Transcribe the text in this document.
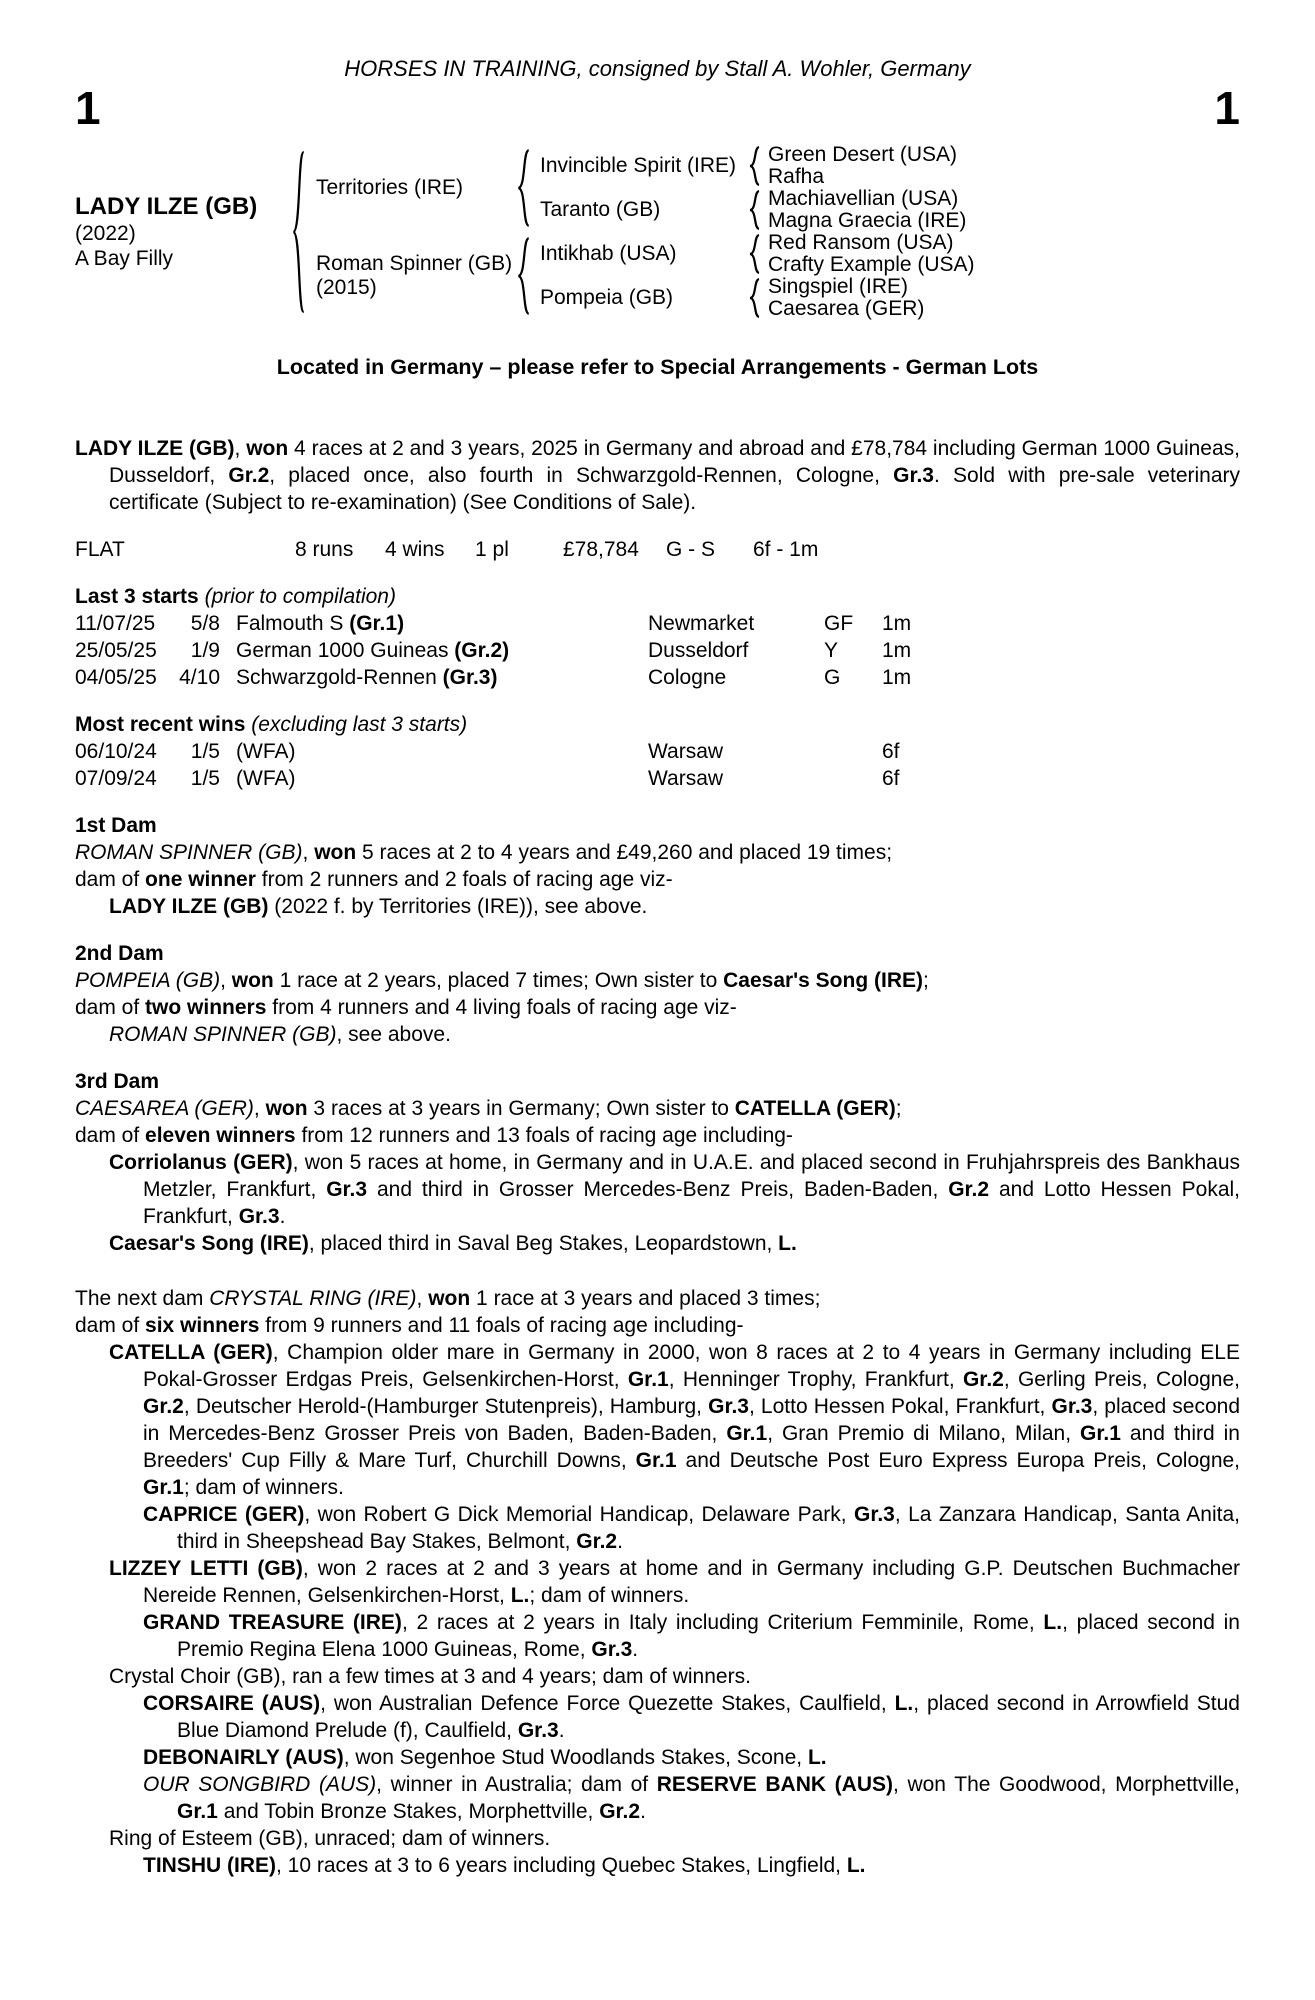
HORSES IN TRAINING, consigned by Stall A. Wohler, Germany
1	1
LADY ILZE (GB)
(2022)
A Bay Filly
Territories (IRE)
Roman Spinner (GB)
(2015)
Invincible Spirit (IRE)
Taranto (GB)
Intikhab (USA)
Pompeia (GB)
Green Desert (USA)
Rafha
Machiavellian (USA)
Magna Graecia (IRE)
Red Ransom (USA)
Crafty Example (USA)
Singspiel (IRE)
Caesarea (GER)
Located in Germany – please refer to Special Arrangements - German Lots

LADY ILZE (GB), won 4 races at 2 and 3 years, 2025 in Germany and abroad and £78,784 including German 1000 Guineas, Dusseldorf, Gr.2, placed once, also fourth in Schwarzgold-Rennen, Cologne, Gr.3. Sold with pre-sale veterinary certificate (Subject to re-examination) (See Conditions of Sale).

FLAT	8 runs	4 wins	1 pl	£78,784	G - S	6f - 1m
Last 3 starts (prior to compilation)
11/07/25	5/8 Falmouth S (Gr.1)	Newmarket	GF	1m
25/05/25	1/9 German 1000 Guineas (Gr.2)	Dusseldorf	Y	1m
04/05/25	4/10 Schwarzgold-Rennen (Gr.3)	Cologne	G	1m
Most recent wins (excluding last 3 starts)
06/10/24	1/5 (WFA)	Warsaw	6f
07/09/24	1/5 (WFA)	Warsaw	6f
1st Dam

ROMAN SPINNER (GB), won 5 races at 2 to 4 years and £49,260 and placed 19 times;

dam of one winner from 2 runners and 2 foals of racing age viz-

LADY ILZE (GB) (2022 f. by Territories (IRE)), see above.

2nd Dam

POMPEIA (GB), won 1 race at 2 years, placed 7 times; Own sister to Caesar's Song (IRE);

dam of two winners from 4 runners and 4 living foals of racing age viz-

ROMAN SPINNER (GB), see above.

3rd Dam

CAESAREA (GER), won 3 races at 3 years in Germany; Own sister to CATELLA (GER);

dam of eleven winners from 12 runners and 13 foals of racing age including-

Corriolanus (GER), won 5 races at home, in Germany and in U.A.E. and placed second in Fruhjahrspreis des Bankhaus Metzler, Frankfurt, Gr.3 and third in Grosser Mercedes-Benz Preis, Baden-Baden, Gr.2 and Lotto Hessen Pokal, Frankfurt, Gr.3.

Caesar's Song (IRE), placed third in Saval Beg Stakes, Leopardstown, L.

The next dam CRYSTAL RING (IRE), won 1 race at 3 years and placed 3 times;

dam of six winners from 9 runners and 11 foals of racing age including-

CATELLA (GER), Champion older mare in Germany in 2000, won 8 races at 2 to 4 years in Germany including ELE Pokal-Grosser Erdgas Preis, Gelsenkirchen-Horst, Gr.1, Henninger Trophy, Frankfurt, Gr.2, Gerling Preis, Cologne, Gr.2, Deutscher Herold-(Hamburger Stutenpreis), Hamburg, Gr.3, Lotto Hessen Pokal, Frankfurt, Gr.3, placed second in Mercedes-Benz Grosser Preis von Baden, Baden-Baden, Gr.1, Gran Premio di Milano, Milan, Gr.1 and third in Breeders' Cup Filly & Mare Turf, Churchill Downs, Gr.1 and Deutsche Post Euro Express Europa Preis, Cologne, Gr.1; dam of winners.

CAPRICE (GER), won Robert G Dick Memorial Handicap, Delaware Park, Gr.3, La Zanzara Handicap, Santa Anita, third in Sheepshead Bay Stakes, Belmont, Gr.2.

LIZZEY LETTI (GB), won 2 races at 2 and 3 years at home and in Germany including G.P. Deutschen Buchmacher Nereide Rennen, Gelsenkirchen-Horst, L.; dam of winners.

GRAND TREASURE (IRE), 2 races at 2 years in Italy including Criterium Femminile, Rome, L., placed second in Premio Regina Elena 1000 Guineas, Rome, Gr.3.

Crystal Choir (GB), ran a few times at 3 and 4 years; dam of winners.

CORSAIRE (AUS), won Australian Defence Force Quezette Stakes, Caulfield, L., placed second in Arrowfield Stud Blue Diamond Prelude (f), Caulfield, Gr.3.

DEBONAIRLY (AUS), won Segenhoe Stud Woodlands Stakes, Scone, L.

OUR SONGBIRD (AUS), winner in Australia; dam of RESERVE BANK (AUS), won The Goodwood, Morphettville, Gr.1 and Tobin Bronze Stakes, Morphettville, Gr.2.

Ring of Esteem (GB), unraced; dam of winners.

TINSHU (IRE), 10 races at 3 to 6 years including Quebec Stakes, Lingfield, L.
